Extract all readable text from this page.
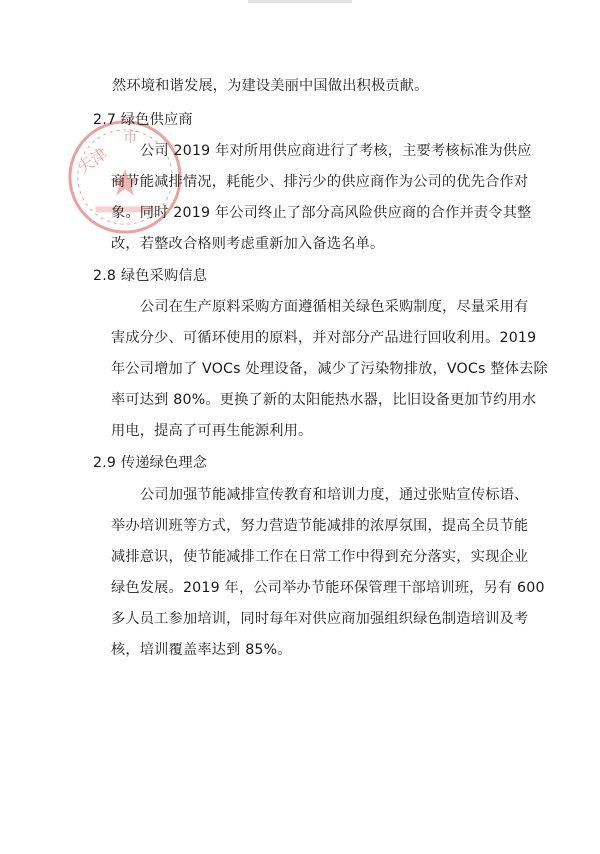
天津
市
然环境和谐发展，为建设美丽中国做出积极贡献。
2.7 绿色供应商
公司 2019 年对所用供应商进行了考核，主要考核标准为供应
商节能减排情况，耗能少、排污少的供应商作为公司的优先合作对
象。同时 2019 年公司终止了部分高风险供应商的合作并责令其整
改，若整改合格则考虑重新加入备选名单。
2.8 绿色采购信息
公司在生产原料采购方面遵循相关绿色采购制度，尽量采用有
害成分少、可循环使用的原料，并对部分产品进行回收利用。2019
年公司增加了 VOCs 处理设备，减少了污染物排放，VOCs 整体去除
率可达到 80%。更换了新的太阳能热水器，比旧设备更加节约用水
用电，提高了可再生能源利用。
2.9 传递绿色理念
公司加强节能减排宣传教育和培训力度，通过张贴宣传标语、
举办培训班等方式，努力营造节能减排的浓厚氛围，提高全员节能
减排意识，使节能减排工作在日常工作中得到充分落实，实现企业
绿色发展。2019 年，公司举办节能环保管理干部培训班，另有 600
多人员工参加培训，同时每年对供应商加强组织绿色制造培训及考
核，培训覆盖率达到 85%。
